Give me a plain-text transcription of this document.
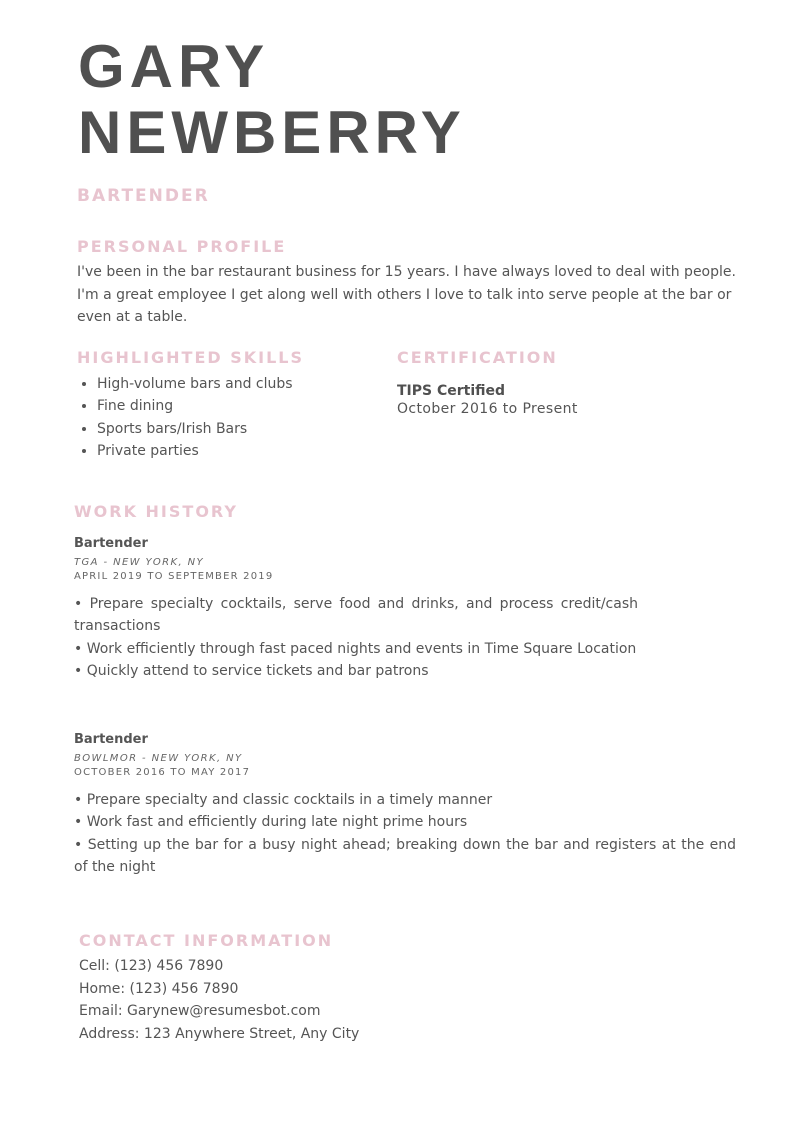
GARY
NEWBERRY
BARTENDER
PERSONAL PROFILE

I've been in the bar restaurant business for 15 years. I have always loved to deal with people. I'm a great employee I get along well with others I love to talk into serve people at the bar or even at a table.

HIGHLIGHTED SKILLS
• High-volume bars and clubs
• Fine dining
• Sports bars/Irish Bars
• Private parties
CERTIFICATION

TIPS Certified

October 2016 to Present

WORK HISTORY

Bartender

TGA - NEW YORK, NY

APRIL 2019 TO SEPTEMBER 2019

• Prepare specialty cocktails, serve food and drinks, and process credit/cash transactions

• Work efficiently through fast paced nights and events in Time Square Location

• Quickly attend to service tickets and bar patrons

Bartender

BOWLMOR - NEW YORK, NY

OCTOBER 2016 TO MAY 2017

• Prepare specialty and classic cocktails in a timely manner

• Work fast and efficiently during late night prime hours

• Setting up the bar for a busy night ahead; breaking down the bar and registers at the end of the night

CONTACT INFORMATION

Cell: (123) 456 7890

Home: (123) 456 7890

Email: Garynew@resumesbot.com

Address: 123 Anywhere Street, Any City
